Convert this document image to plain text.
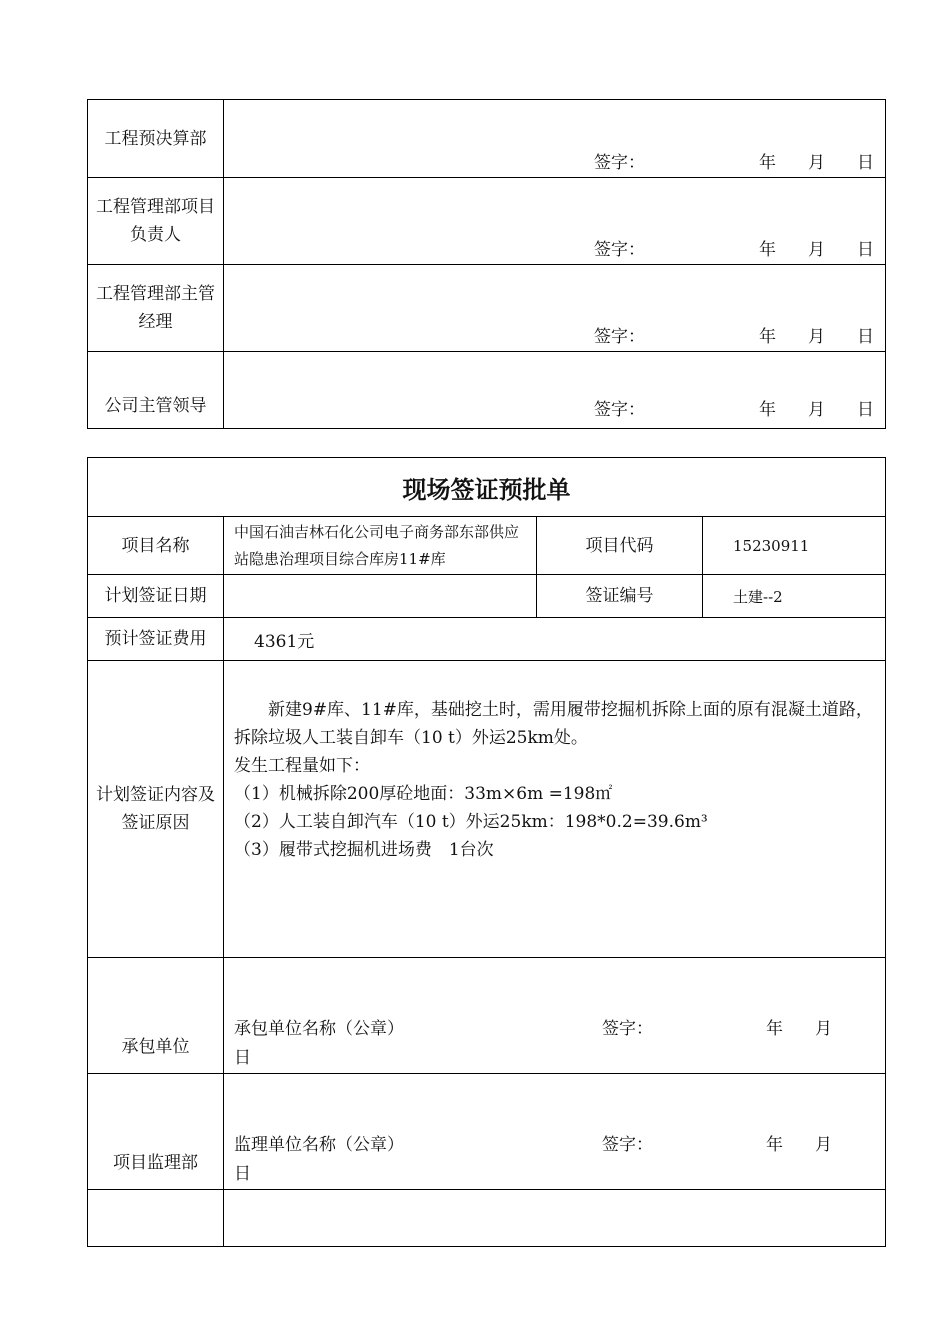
工程预决算部	签字： 年 月 日

工程管理部项目负责人	签字： 年 月 日

工程管理部主管经理	签字： 年 月 日

公司主管领导	签字： 年 月 日
现场签证预批单			
项目名称	中国石油吉林石化公司电子商务部东部供应站隐患治理项目综合库房11#库	项目代码	15230911
计划签证日期		签证编号	土建--2
预计签证费用	4361元		
计划签证内容及签证原因	新建9#库、11#库，基础挖土时，需用履带挖掘机拆除上面的原有混凝土道路，拆除垃圾人工装自卸车（10 t）外运25km处。

发生工程量如下：

（1）机械拆除200厚砼地面：33m×6m =198㎡

（2）人工装自卸汽车（10 t）外运25km：198*0.2=39.6m³

（3）履带式挖掘机进场费　1台次		

承包单位	承包单位名称（公章） 签字： 年 月
日		

项目监理部	监理单位名称（公章） 签字： 年 月
日		
